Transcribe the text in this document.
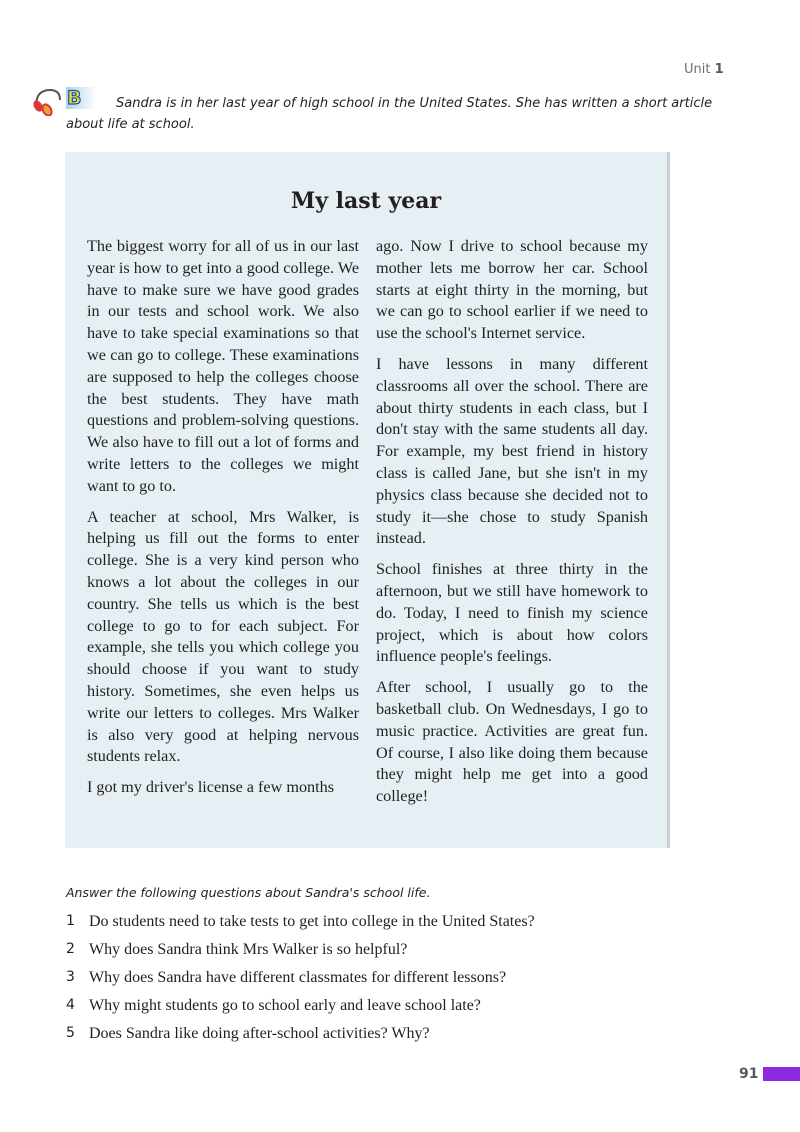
Unit 1
B	Sandra is in her last year of high school in the United States. She has written a short article about life at school.
My last year

The biggest worry for all of us in our last year is how to get into a good college. We have to make sure we have good grades in our tests and school work. We also have to take special examinations so that we can go to college. These examinations are supposed to help the colleges choose the best students. They have math questions and problem-solving questions. We also have to fill out a lot of forms and write letters to the colleges we might want to go to.

A teacher at school, Mrs Walker, is helping us fill out the forms to enter college. She is a very kind person who knows a lot about the colleges in our country. She tells us which is the best college to go to for each subject. For example, she tells you which college you should choose if you want to study history. Sometimes, she even helps us write our letters to colleges. Mrs Walker is also very good at helping nervous students relax.

I got my driver's license a few months

ago. Now I drive to school because my mother lets me borrow her car. School starts at eight thirty in the morning, but we can go to school earlier if we need to use the school's Internet service.

I have lessons in many different classrooms all over the school. There are about thirty students in each class, but I don't stay with the same students all day. For example, my best friend in history class is called Jane, but she isn't in my physics class because she decided not to study it—she chose to study Spanish instead.

School finishes at three thirty in the afternoon, but we still have homework to do. Today, I need to finish my science project, which is about how colors influence people's feelings.

After school, I usually go to the basketball club. On Wednesdays, I go to music practice. Activities are great fun. Of course, I also like doing them because they might help me get into a good college!

Answer the following questions about Sandra's school life.
1 Do students need to take tests to get into college in the United States?
2 Why does Sandra think Mrs Walker is so helpful?
3 Why does Sandra have different classmates for different lessons?
4 Why might students go to school early and leave school late?
5 Does Sandra like doing after-school activities? Why?
91
